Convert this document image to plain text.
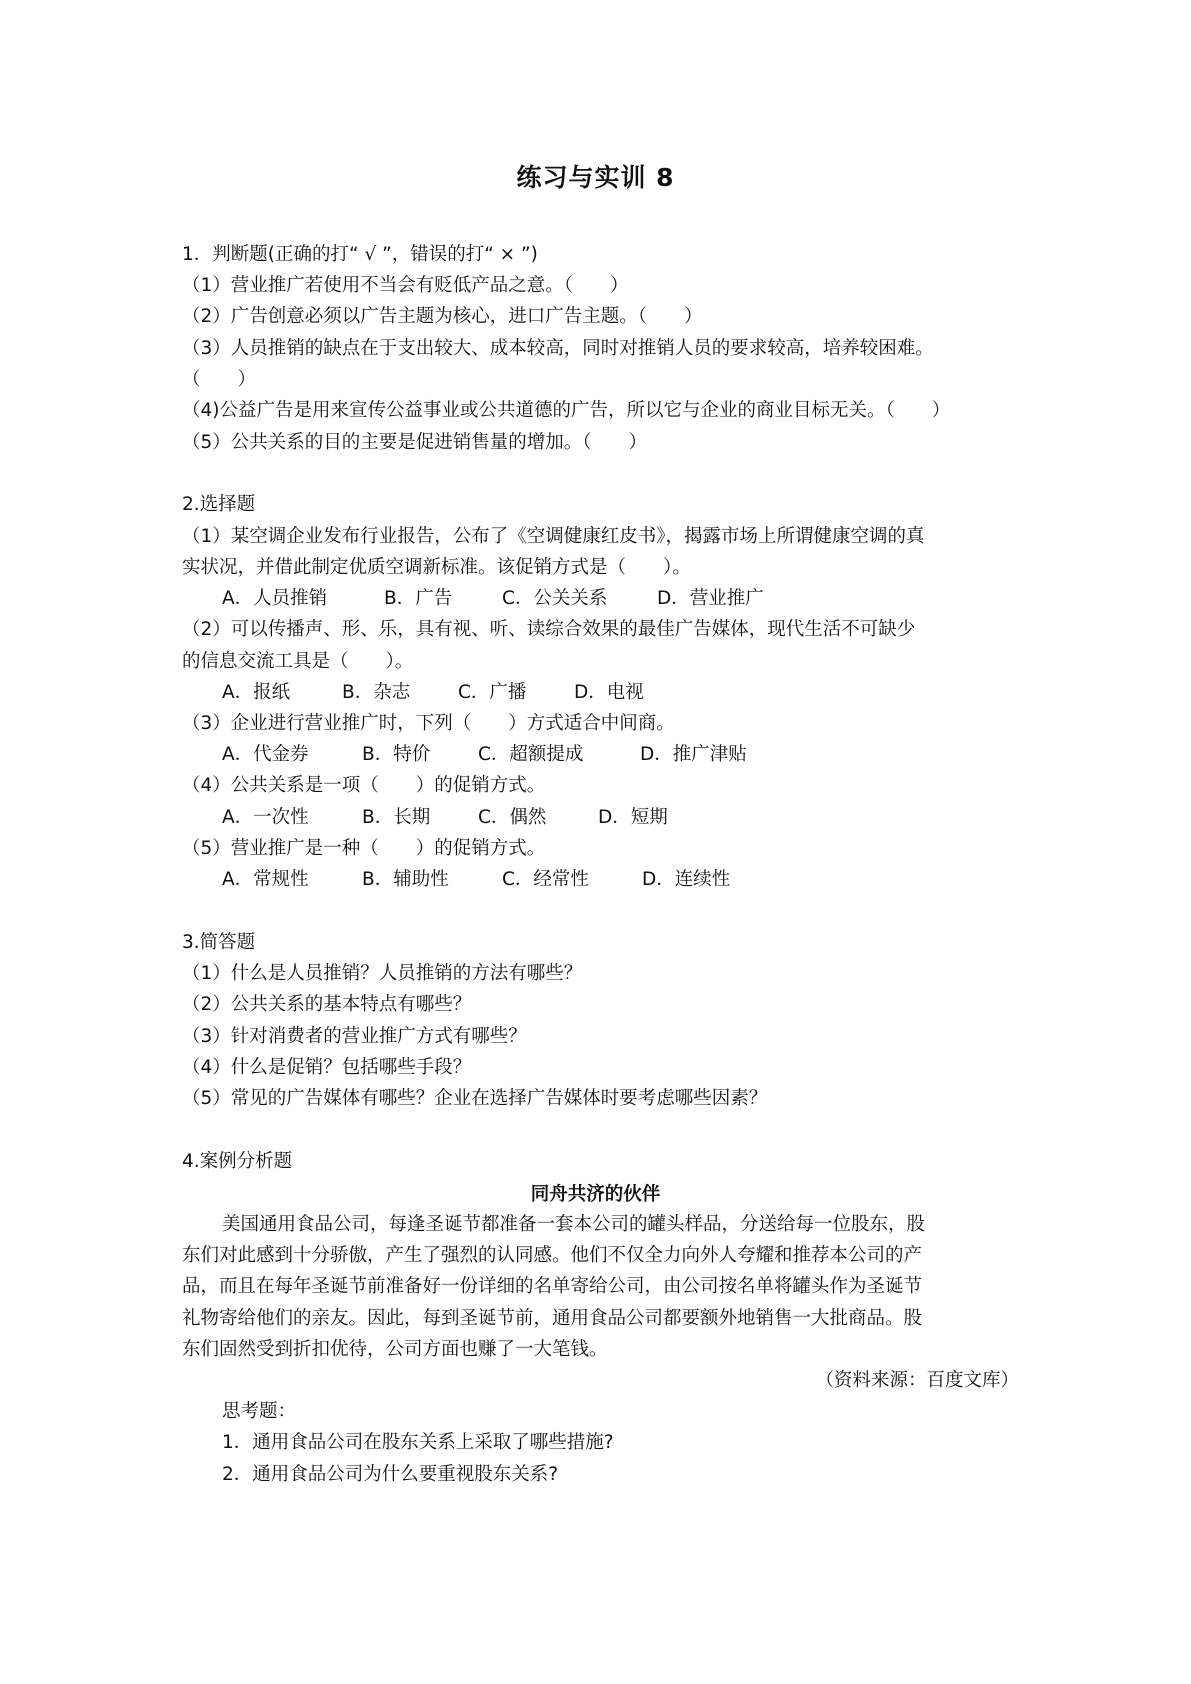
练习与实训 8
1．判断题(正确的打“ √ ”，错误的打“ × ”)
（1）营业推广若使用不当会有贬低产品之意。（　　）
（2）广告创意必须以广告主题为核心，进口广告主题。（　　）
（3）人员推销的缺点在于支出较大、成本较高，同时对推销人员的要求较高，培养较困难。
（　　）
（4)公益广告是用来宣传公益事业或公共道德的广告，所以它与企业的商业目标无关。（　　）
（5）公共关系的目的主要是促进销售量的增加。（　　）
2.选择题
（1）某空调企业发布行业报告，公布了《空调健康红皮书》，揭露市场上所谓健康空调的真
实状况，并借此制定优质空调新标准。该促销方式是（　　）。
A．人员推销	B．广告	C．公关关系	D．营业推广
（2）可以传播声、形、乐，具有视、听、读综合效果的最佳广告媒体，现代生活不可缺少
的信息交流工具是（　　）。
A．报纸	B．杂志	C．广播	D．电视
（3）企业进行营业推广时，下列（　　）方式适合中间商。
A．代金券	B．特价	C．超额提成	D．推广津贴
（4）公共关系是一项（　　）的促销方式。
A．一次性	B．长期	C．偶然	D．短期
（5）营业推广是一种（　　）的促销方式。
A．常规性	B．辅助性	C．经常性	D．连续性
3.简答题
（1）什么是人员推销？人员推销的方法有哪些？
（2）公共关系的基本特点有哪些？
（3）针对消费者的营业推广方式有哪些？
（4）什么是促销？包括哪些手段？
（5）常见的广告媒体有哪些？企业在选择广告媒体时要考虑哪些因素？
4.案例分析题
同舟共济的伙伴
美国通用食品公司，每逢圣诞节都准备一套本公司的罐头样品，分送给每一位股东，股
东们对此感到十分骄傲，产生了强烈的认同感。他们不仅全力向外人夸耀和推荐本公司的产
品，而且在每年圣诞节前准备好一份详细的名单寄给公司，由公司按名单将罐头作为圣诞节
礼物寄给他们的亲友。因此，每到圣诞节前，通用食品公司都要额外地销售一大批商品。股
东们固然受到折扣优待，公司方面也赚了一大笔钱。
（资料来源：百度文库）
思考题：
1．通用食品公司在股东关系上采取了哪些措施?
2．通用食品公司为什么要重视股东关系?
